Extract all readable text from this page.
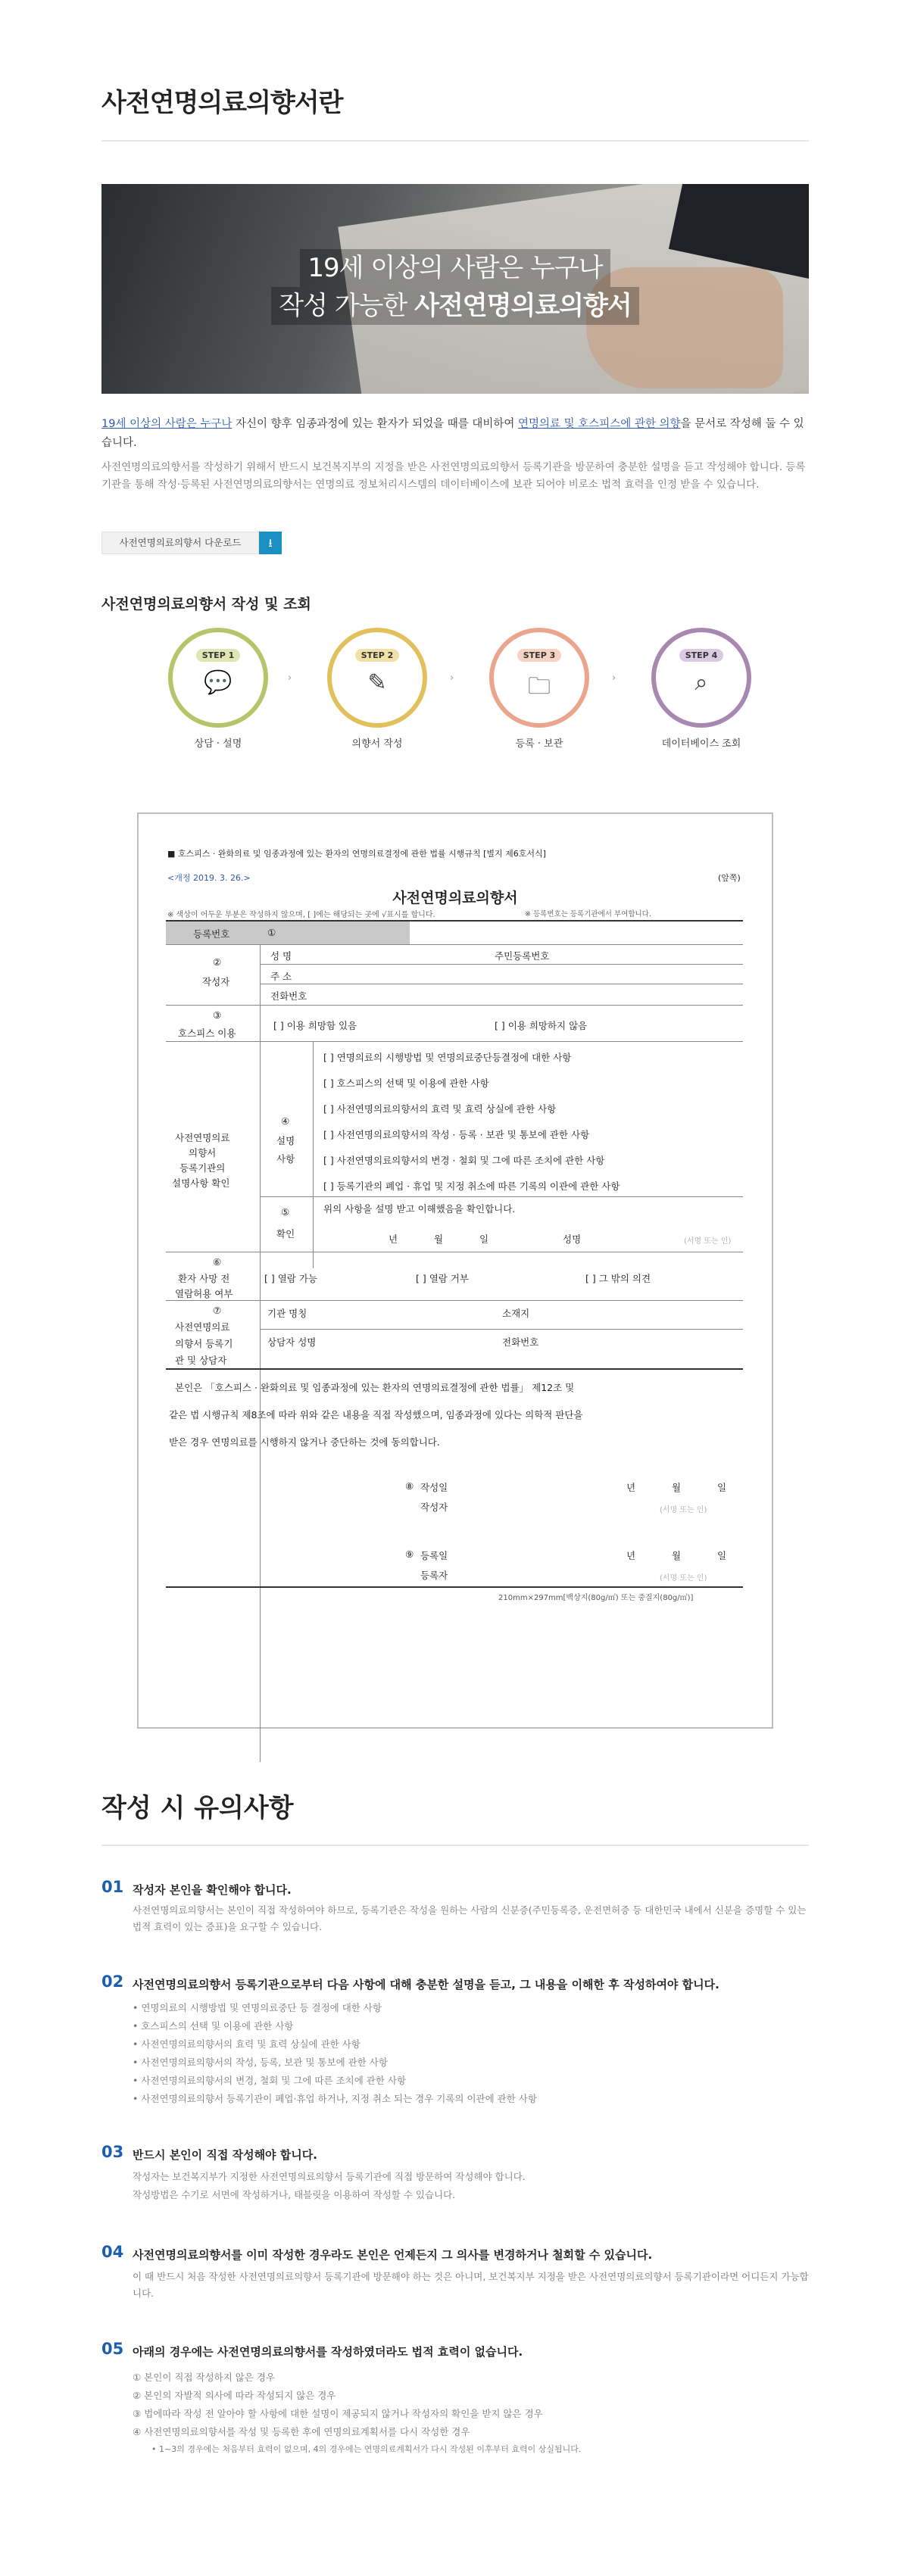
사전연명의료의향서란
19세 이상의 사람은 누구나
작성 가능한 사전연명의료의향서
19세 이상의 사람은 누구나 자신이 향후 임종과정에 있는 환자가 되었을 때를 대비하여 연명의료 및 호스피스에 관한 의향을 문서로 작성해 둘 수 있습니다.
사전연명의료의향서를 작성하기 위해서 반드시 보건복지부의 지정을 받은 사전연명의료의향서 등록기관을 방문하여 충분한 설명을 듣고 작성해야 합니다. 등록기관을 통해 작성·등록된 사전연명의료의향서는 연명의료 정보처리시스템의 데이터베이스에 보관 되어야 비로소 법적 효력을 인정 받을 수 있습니다.
사전연명의료의향서 다운로드	⭳
사전연명의료의향서 작성 및 조회
STEP 1
💬
상담 · 설명
›
STEP 2
✎
의향서 작성
›
STEP 3
🗀
등록 · 보관
›
STEP 4
⌕
데이터베이스 조회
■ 호스피스 · 완화의료 및 임종과정에 있는 환자의 연명의료결정에 관한 법률 시행규칙 [별지 제6호서식]
<개정 2019. 3. 26.>	(앞쪽)
사전연명의료의향서
※ 색상이 어두운 부분은 작성하지 않으며, [ ]에는 해당되는 곳에 √표시를 합니다.	※ 등록번호는 등록기관에서 부여합니다.
등록번호	①
②
작성자
성 명	주민등록번호
주 소
전화번호
③
호스피스 이용
[ ] 이용 희망함 있음	[ ] 이용 희망하지 않음
사전연명의료
의향서
등록기관의
설명사항 확인
④
설명
사항
[ ] 연명의료의 시행방법 및 연명의료중단등결정에 대한 사항
[ ] 호스피스의 선택 및 이용에 관한 사항
[ ] 사전연명의료의향서의 효력 및 효력 상실에 관한 사항
[ ] 사전연명의료의향서의 작성 · 등록 · 보관 및 통보에 관한 사항
[ ] 사전연명의료의향서의 변경 · 철회 및 그에 따른 조치에 관한 사항
[ ] 등록기관의 폐업 · 휴업 및 지정 취소에 따른 기록의 이관에 관한 사항
⑤
확인
위의 사항을 설명 받고 이해했음을 확인합니다.
년	월	일	성명	(서명 또는 인)
⑥
환자 사망 전
열람허용 여부
[ ] 열람 가능	[ ] 열람 거부	[ ] 그 밖의 의견
⑦
사전연명의료
의향서 등록기
관 및 상담자
기관 명칭	소재지
상담자 성명	전화번호
본인은 「호스피스 · 완화의료 및 임종과정에 있는 환자의 연명의료결정에 관한 법률」 제12조 및
같은 법 시행규칙 제8조에 따라 위와 같은 내용을 직접 작성했으며, 임종과정에 있다는 의학적 판단을
받은 경우 연명의료를 시행하지 않거나 중단하는 것에 동의합니다.
⑧ 작성일
작성자
년	월	일
(서명 또는 인)
⑨ 등록일
등록자
년	월	일
(서명 또는 인)
210mm×297mm[백상지(80g/㎡) 또는 중질지(80g/㎡)]
작성 시 유의사항
01 작성자 본인을 확인해야 합니다.
사전연명의료의향서는 본인이 직접 작성하여야 하므로, 등록기관은 작성을 원하는 사람의 신분증(주민등록증, 운전면허증 등 대한민국 내에서 신분을 증명할 수 있는 법적 효력이 있는 증표)을 요구할 수 있습니다.
02 사전연명의료의향서 등록기관으로부터 다음 사항에 대해 충분한 설명을 듣고, 그 내용을 이해한 후 작성하여야 합니다.
• 연명의료의 시행방법 및 연명의료중단 등 결정에 대한 사항
• 호스피스의 선택 및 이용에 관한 사항
• 사전연명의료의향서의 효력 및 효력 상실에 관한 사항
• 사전연명의료의향서의 작성, 등록, 보관 및 통보에 관한 사항
• 사전연명의료의향서의 변경, 철회 및 그에 따른 조치에 관한 사항
• 사전연명의료의향서 등록기관이 폐업·휴업 하거나, 지정 취소 되는 경우 기록의 이관에 관한 사항
03 반드시 본인이 직접 작성해야 합니다.
작성자는 보건복지부가 지정한 사전연명의료의향서 등록기관에 직접 방문하여 작성해야 합니다.
작성방법은 수기로 서면에 작성하거나, 태블릿을 이용하여 작성할 수 있습니다.
04 사전연명의료의향서를 이미 작성한 경우라도 본인은 언제든지 그 의사를 변경하거나 철회할 수 있습니다.
이 때 반드시 처음 작성한 사전연명의료의향서 등록기관에 방문해야 하는 것은 아니며, 보건복지부 지정을 받은 사전연명의료의향서 등록기관이라면 어디든지 가능합니다.
05 아래의 경우에는 사전연명의료의향서를 작성하였더라도 법적 효력이 없습니다.
① 본인이 직접 작성하지 않은 경우
② 본인의 자발적 의사에 따라 작성되지 않은 경우
③ 법에따라 작성 전 알아야 할 사항에 대한 설명이 제공되지 않거나 작성자의 확인을 받지 않은 경우
④ 사전연명의료의향서를 작성 및 등록한 후에 연명의료계획서를 다시 작성한 경우
• 1~3의 경우에는 처음부터 효력이 없으며, 4의 경우에는 연명의료계획서가 다시 작성된 이후부터 효력이 상실됩니다.
